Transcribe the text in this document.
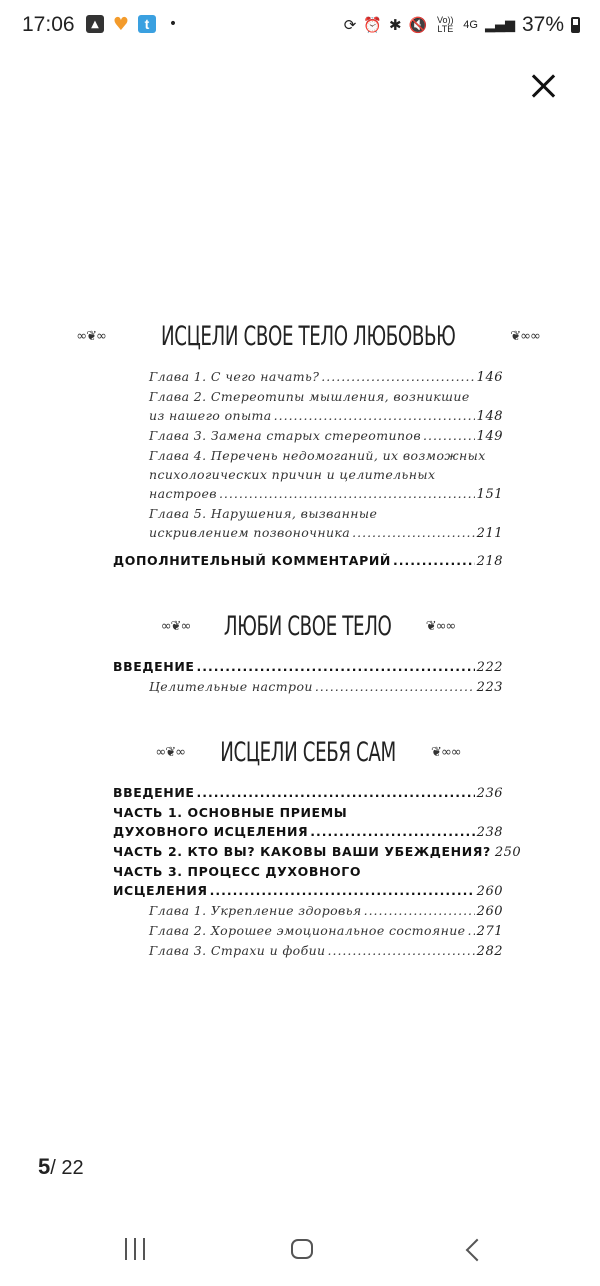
17:06	▲ ♥	t	•	⟳ ⏰ ✱ 🔇	Vo)) LTE 4G ▂▄▆ 37%
∞❦∞ ИСЦЕЛИ СВОЕ ТЕЛО ЛЮБОВЬЮ	❦∞∞
Глава 1. С чего начать? .....	146
Глава 2. Стереотипы мышления, возникшие
из нашего опыта .....	148
Глава 3. Замена старых стереотипов .....	149
Глава 4. Перечень недомоганий, их возможных
психологических причин и целительных
настроев .....	151
Глава 5. Нарушения, вызванные
искривлением позвоночника .....	211
ДОПОЛНИТЕЛЬНЫЙ КОММЕНТАРИЙ .....	218
∞❦∞ ЛЮБИ СВОЕ ТЕЛО	❦∞∞
ВВЕДЕНИЕ .....	222
Целительные настрои .....	223
∞❦∞ ИСЦЕЛИ СЕБЯ САМ	❦∞∞
ВВЕДЕНИЕ .....	236
ЧАСТЬ 1. ОСНОВНЫЕ ПРИЕМЫ
ДУХОВНОГО ИСЦЕЛЕНИЯ .....	238
ЧАСТЬ 2. КТО ВЫ? КАКОВЫ ВАШИ УБЕЖДЕНИЯ? 250
ЧАСТЬ 3. ПРОЦЕСС ДУХОВНОГО
ИСЦЕЛЕНИЯ .....	260
Глава 1. Укрепление здоровья .....	260
Глава 2. Хорошее эмоциональное состояние ..... 271
Глава 3. Страхи и фобии .....	282
5/ 22
